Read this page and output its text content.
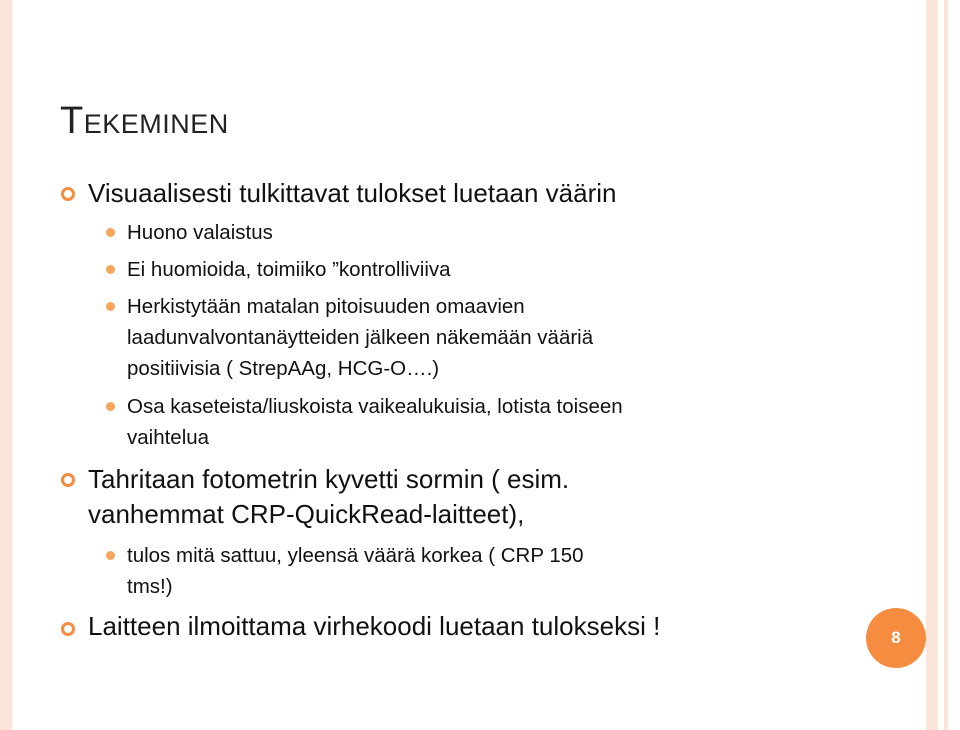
Tekeminen
Visuaalisesti tulkittavat tulokset luetaan väärin
Huono valaistus
Ei huomioida, toimiiko ”kontrolliviiva
Herkistytään matalan pitoisuuden omaavien
laadunvalvontanäytteiden jälkeen näkemään vääriä
positiivisia ( StrepAAg, HCG-O….)
Osa kaseteista/liuskoista vaikealukuisia, lotista toiseen
vaihtelua
Tahritaan fotometrin kyvetti sormin ( esim.
vanhemmat CRP-QuickRead-laitteet),
tulos mitä sattuu, yleensä väärä korkea ( CRP 150
tms!)
Laitteen ilmoittama virhekoodi luetaan tulokseksi !	8
